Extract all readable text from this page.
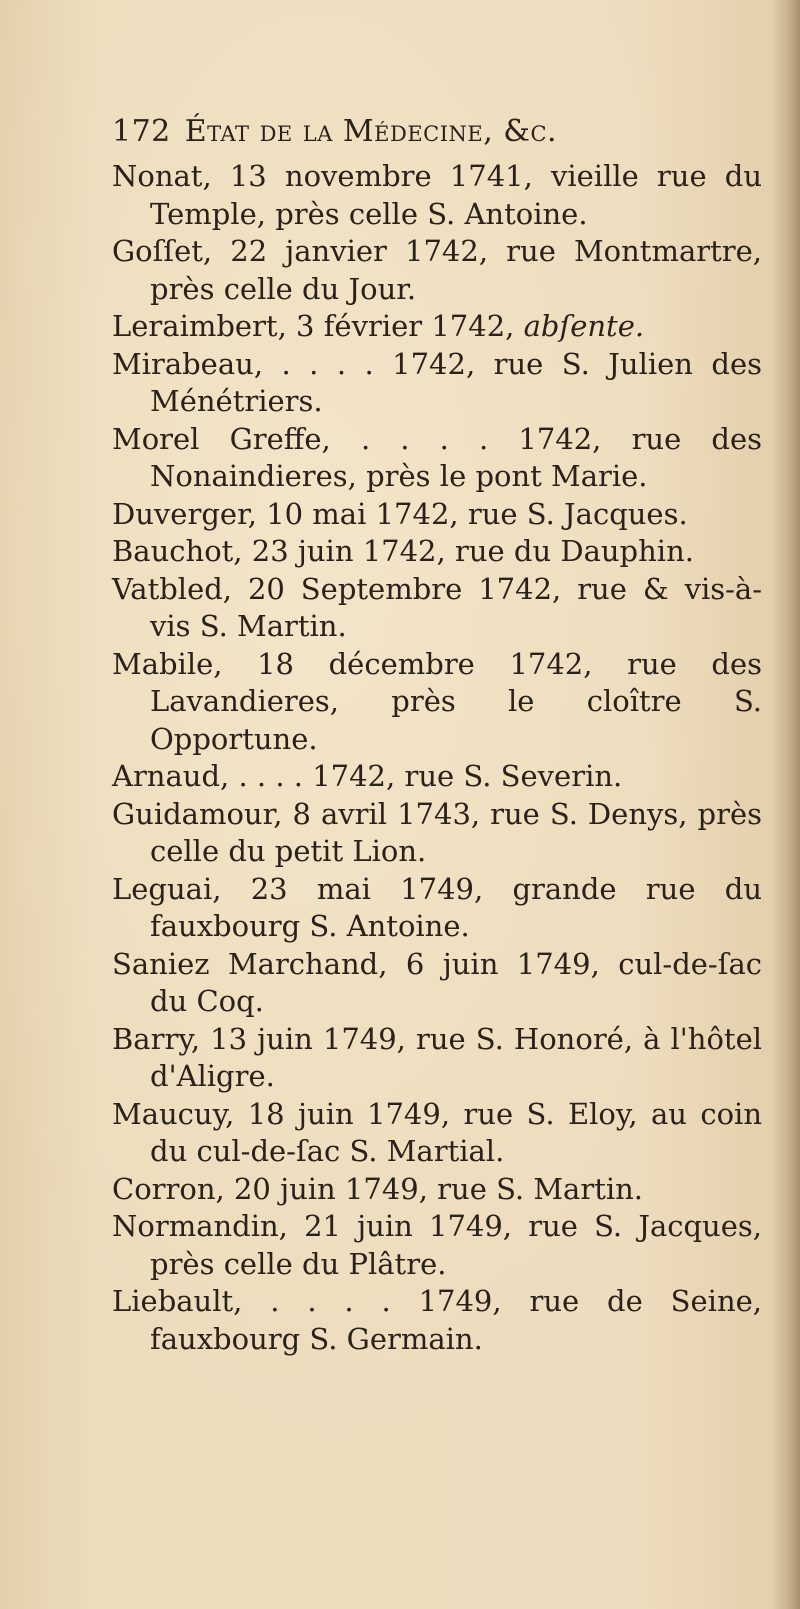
172 État de la Médecine, &c.
Nonat, 13 novembre 1741, vieille rue du Temple, près celle S. Antoine.
Goſſet, 22 janvier 1742, rue Montmartre, près celle du Jour.
Leraimbert, 3 février 1742, abſente.
Mirabeau, . . . . 1742, rue S. Julien des Ménétriers.
Morel Greffe, . . . . 1742, rue des Nonaindieres, près le pont Marie.
Duverger, 10 mai 1742, rue S. Jacques.
Bauchot, 23 juin 1742, rue du Dauphin.
Vatbled, 20 Septembre 1742, rue & vis-à-vis S. Martin.
Mabile, 18 décembre 1742, rue des Lavandieres, près le cloître S. Opportune.
Arnaud, . . . . 1742, rue S. Severin.
Guidamour, 8 avril 1743, rue S. Denys, près celle du petit Lion.
Leguai, 23 mai 1749, grande rue du fauxbourg S. Antoine.
Saniez Marchand, 6 juin 1749, cul-de-ſac du Coq.
Barry, 13 juin 1749, rue S. Honoré, à l'hôtel d'Aligre.
Maucuy, 18 juin 1749, rue S. Eloy, au coin du cul-de-ſac S. Martial.
Corron, 20 juin 1749, rue S. Martin.
Normandin, 21 juin 1749, rue S. Jacques, près celle du Plâtre.
Liebault, . . . . 1749, rue de Seine, fauxbourg S. Germain.
